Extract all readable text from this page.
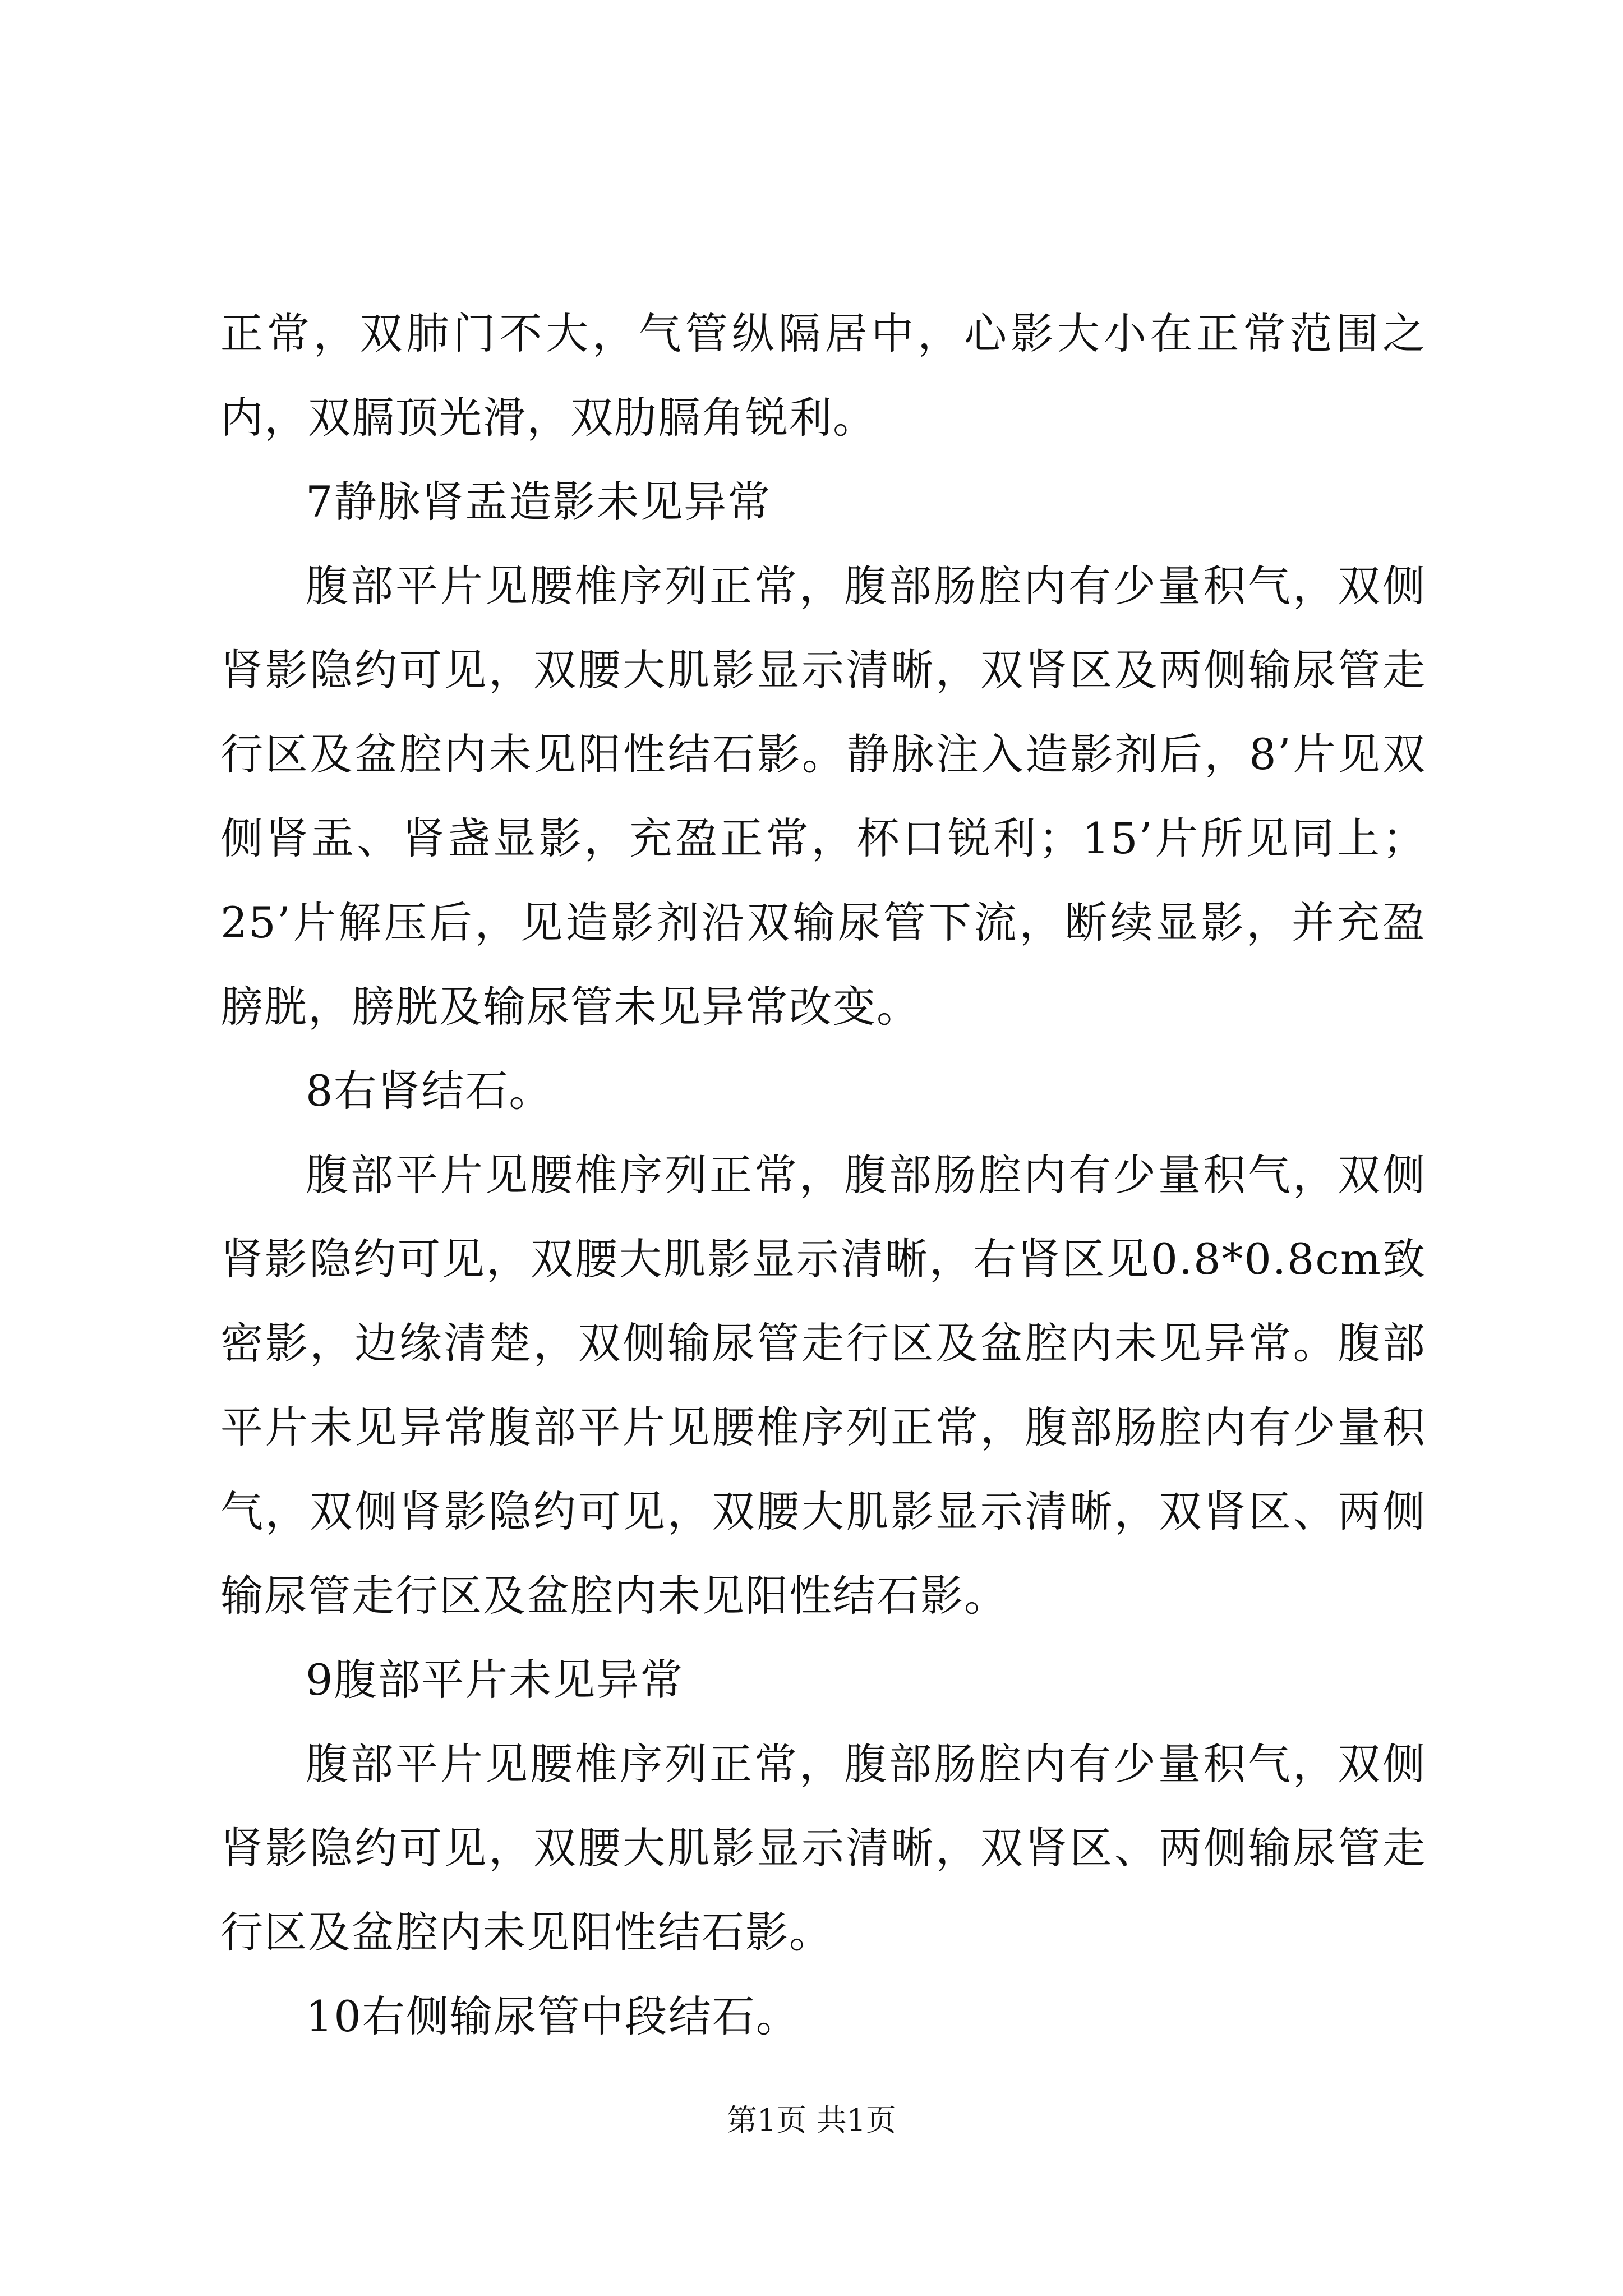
正常，双肺门不大，气管纵隔居中，心影大小在正常范围之内，双膈顶光滑，双肋膈角锐利。

7静脉肾盂造影未见异常

腹部平片见腰椎序列正常，腹部肠腔内有少量积气，双侧肾影隐约可见，双腰大肌影显示清晰，双肾区及两侧输尿管走行区及盆腔内未见阳性结石影。静脉注入造影剂后，8’片见双侧肾盂、肾盏显影，充盈正常，杯口锐利；15’片所见同上；25’片解压后，见造影剂沿双输尿管下流，断续显影，并充盈膀胱，膀胱及输尿管未见异常改变。

8右肾结石。

腹部平片见腰椎序列正常，腹部肠腔内有少量积气，双侧肾影隐约可见，双腰大肌影显示清晰，右肾区见0.8*0.8cm致密影，边缘清楚，双侧输尿管走行区及盆腔内未见异常。腹部平片未见异常腹部平片见腰椎序列正常，腹部肠腔内有少量积气，双侧肾影隐约可见，双腰大肌影显示清晰，双肾区、两侧输尿管走行区及盆腔内未见阳性结石影。

9腹部平片未见异常

腹部平片见腰椎序列正常，腹部肠腔内有少量积气，双侧肾影隐约可见，双腰大肌影显示清晰，双肾区、两侧输尿管走行区及盆腔内未见阳性结石影。

10右侧输尿管中段结石。

第1页 共1页
